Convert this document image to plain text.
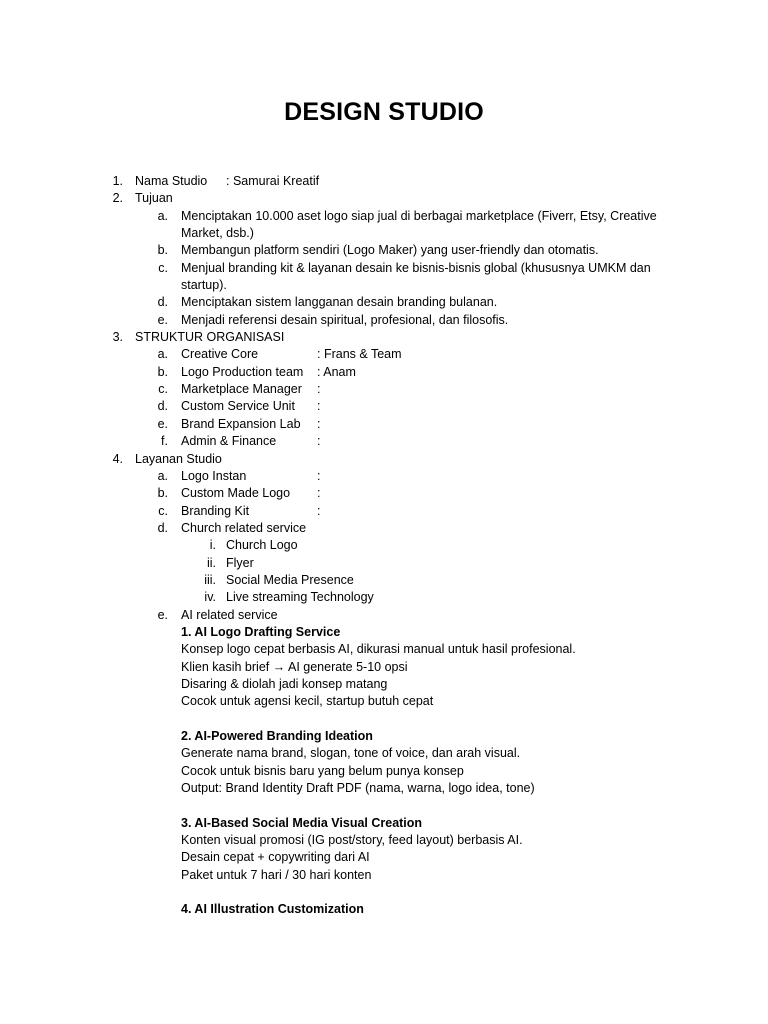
DESIGN STUDIO
1. Nama Studio : Samurai Kreatif
2. Tujuan
a. Menciptakan 10.000 aset logo siap jual di berbagai marketplace (Fiverr, Etsy, Creative Market, dsb.)
b. Membangun platform sendiri (Logo Maker) yang user-friendly dan otomatis.
c. Menjual branding kit & layanan desain ke bisnis-bisnis global (khususnya UMKM dan startup).
d. Menciptakan sistem langganan desain branding bulanan.
e. Menjadi referensi desain spiritual, profesional, dan filosofis.
3. STRUKTUR ORGANISASI
a. Creative Core	: Frans & Team
b. Logo Production team : Anam
c. Marketplace Manager :
d. Custom Service Unit :
e. Brand Expansion Lab :
f. Admin & Finance	:
4. Layanan Studio
a. Logo Instan	:
b. Custom Made Logo :
c. Branding Kit	:
d. Church related service
i. Church Logo
ii. Flyer
iii. Social Media Presence
iv. Live streaming Technology
e. AI related service
1. AI Logo Drafting Service
Konsep logo cepat berbasis AI, dikurasi manual untuk hasil profesional.
Klien kasih brief → AI generate 5-10 opsi
Disaring & diolah jadi konsep matang
Cocok untuk agensi kecil, startup butuh cepat
2. AI-Powered Branding Ideation
Generate nama brand, slogan, tone of voice, dan arah visual.
Cocok untuk bisnis baru yang belum punya konsep
Output: Brand Identity Draft PDF (nama, warna, logo idea, tone)
3. AI-Based Social Media Visual Creation
Konten visual promosi (IG post/story, feed layout) berbasis AI.
Desain cepat + copywriting dari AI
Paket untuk 7 hari / 30 hari konten
4. AI Illustration Customization
